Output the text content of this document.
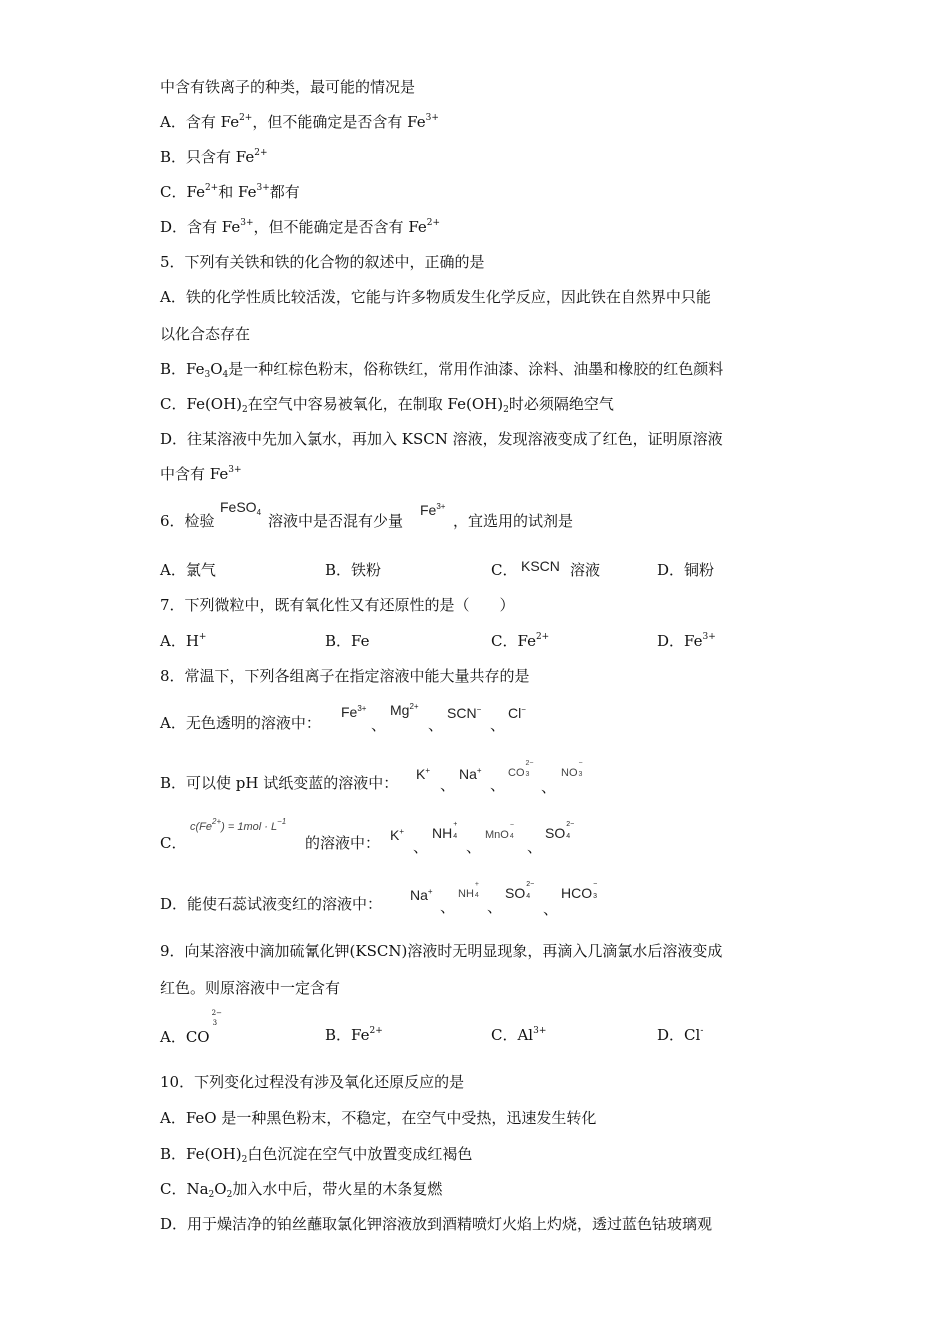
中含有铁离子的种类，最可能的情况是
A．含有 $Fe^{2+}$，但不能确定是否含有 $Fe^{3+}$
B．只含有 $Fe^{2+}$
C．$Fe^{2+}$和 $Fe^{3+}$都有
D．含有 $Fe^{3+}$，但不能确定是否含有 $Fe^{2+}$
5．下列有关铁和铁的化合物的叙述中，正确的是
A．铁的化学性质比较活泼，它能与许多物质发生化学反应，因此铁在自然界中只能
以化合态存在
B．$Fe_3O_4$是一种红棕色粉末，俗称铁红，常用作油漆、涂料、油墨和橡胶的红色颜料
C．$Fe(OH)_2$在空气中容易被氧化，在制取 $Fe(OH)_2$时必须隔绝空气
D．往某溶液中先加入氯水，再加入 KSCN 溶液，发现溶液变成了红色，证明原溶液
中含有 $Fe^{3+}$
6．检验
FeSO$_4$ 溶液中是否混有少量
$Fe^{3+}$
，宜选用的试剂是
A．氯气	B．铁粉	C． KSCN 溶液	D．铜粉
7．下列微粒中，既有氧化性又有还原性的是（　　）
A．H+	B．Fe	C．$Fe^{2+}$	D．$Fe^{3+}$
8．常温下，下列各组离子在指定溶液中能大量共存的是
A．无色透明的溶液中：
$Fe^{3+}$
、
$Mg^{2+}$
、
SCN−
、
Cl−
B．可以使 pH 试纸变蓝的溶液中： K+
、
Na+
、
CO
2−
3
、
NO
−
3
C．
$c(Fe^{2+}) = 1mol \cdot L^{-1}$
的溶液中： K+
、
NH
+
4
、
MnO
−
4
、
SO
2−
4
D．能使石蕊试液变红的溶液中： Na+
、
NH
+
4
、
SO
2−
4
、
HCO
−
3
9．向某溶液中滴加硫氰化钾(KSCN)溶液时无明显现象，再滴入几滴氯水后溶液变成
红色。则原溶液中一定含有
A．CO
2−
3
B．$Fe^{2+}$	C．$Al^{3+}$	D．Cl-
10．下列变化过程没有涉及氧化还原反应的是
A．FeO 是一种黑色粉末，不稳定，在空气中受热，迅速发生转化
B．$Fe(OH)_2$白色沉淀在空气中放置变成红褐色
C．$Na_2O_2$加入水中后，带火星的木条复燃
D．用于燥洁净的铂丝蘸取氯化钾溶液放到酒精喷灯火焰上灼烧，透过蓝色钴玻璃观
